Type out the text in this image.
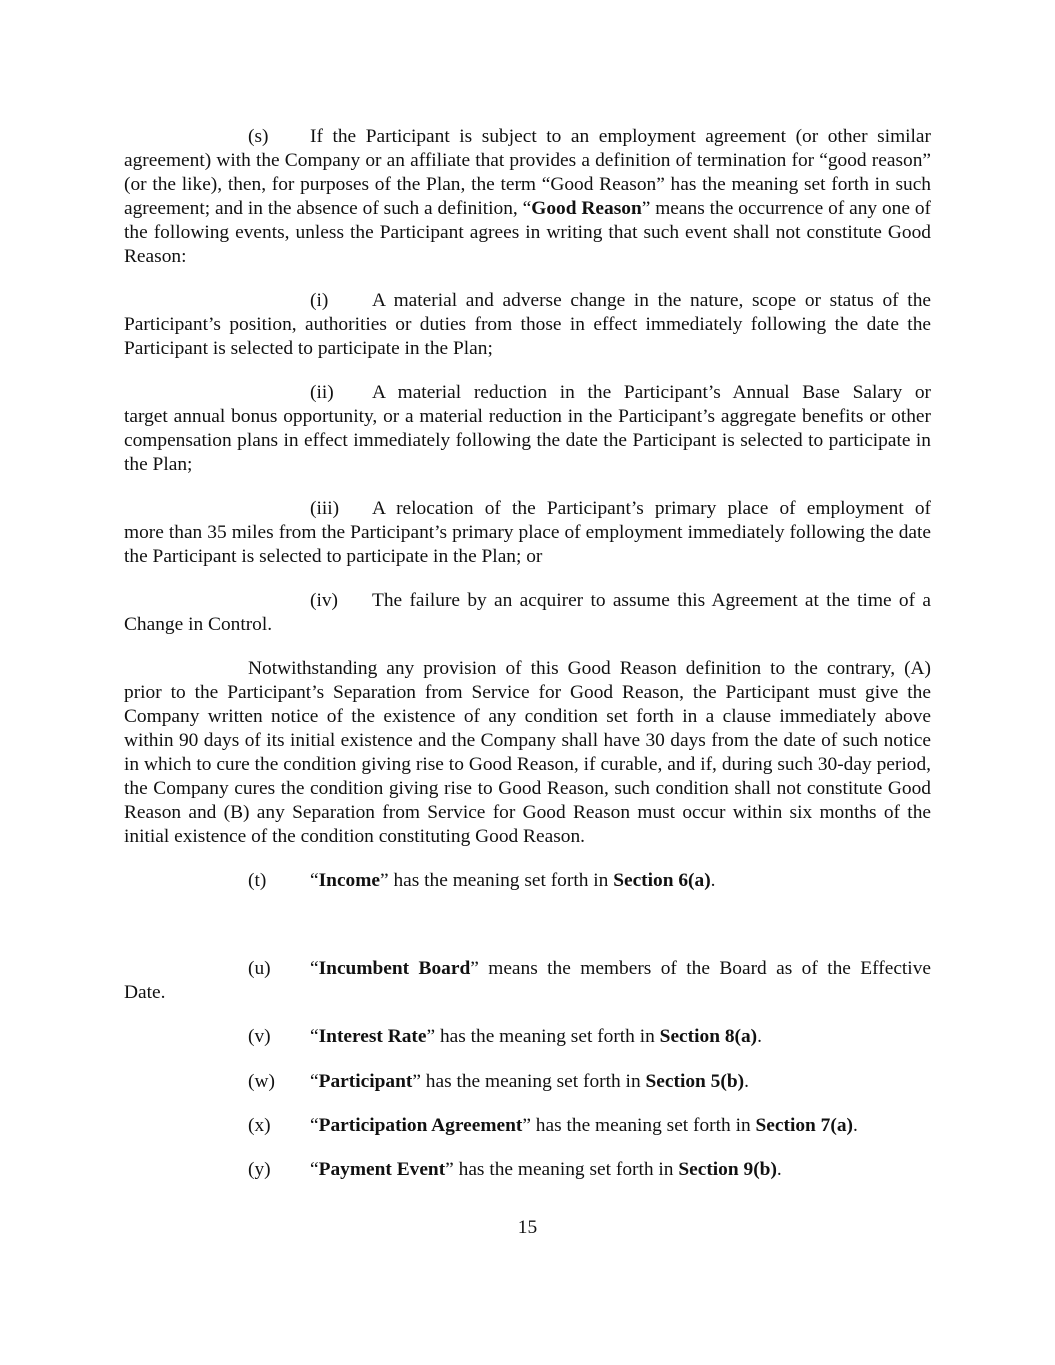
(s) If the Participant is subject to an employment agreement (or other similar
agreement) with the Company or an affiliate that provides a definition of termination for “good reason” (or the like), then, for purposes of the Plan, the term “Good Reason” has the meaning set forth in such agreement; and in the absence of such a definition, “Good Reason” means the occurrence of any one of the following events, unless the Participant agrees in writing that such event shall not constitute Good Reason:
(i) A material and adverse change in the nature, scope or status of the
Participant’s position, authorities or duties from those in effect immediately following the date the Participant is selected to participate in the Plan;
(ii) A material reduction in the Participant’s Annual Base Salary or
target annual bonus opportunity, or a material reduction in the Participant’s aggregate benefits or other compensation plans in effect immediately following the date the Participant is selected to participate in the Plan;
(iii) A relocation of the Participant’s primary place of employment of
more than 35 miles from the Participant’s primary place of employment immediately following the date the Participant is selected to participate in the Plan; or
(iv) The failure by an acquirer to assume this Agreement at the time of a
Change in Control.
Notwithstanding any provision of this Good Reason definition to the contrary, (A)
prior to the Participant’s Separation from Service for Good Reason, the Participant must give the Company written notice of the existence of any condition set forth in a clause immediately above within 90 days of its initial existence and the Company shall have 30 days from the date of such notice in which to cure the condition giving rise to Good Reason, if curable, and if, during such 30-day period, the Company cures the condition giving rise to Good Reason, such condition shall not constitute Good Reason and (B) any Separation from Service for Good Reason must occur within six months of the initial existence of the condition constituting Good Reason.
(t) “Income” has the meaning set forth in Section 6(a).
(u) “Incumbent Board” means the members of the Board as of the Effective
Date.
(v) “Interest Rate” has the meaning set forth in Section 8(a).
(w) “Participant” has the meaning set forth in Section 5(b).
(x) “Participation Agreement” has the meaning set forth in Section 7(a).
(y) “Payment Event” has the meaning set forth in Section 9(b).
15
